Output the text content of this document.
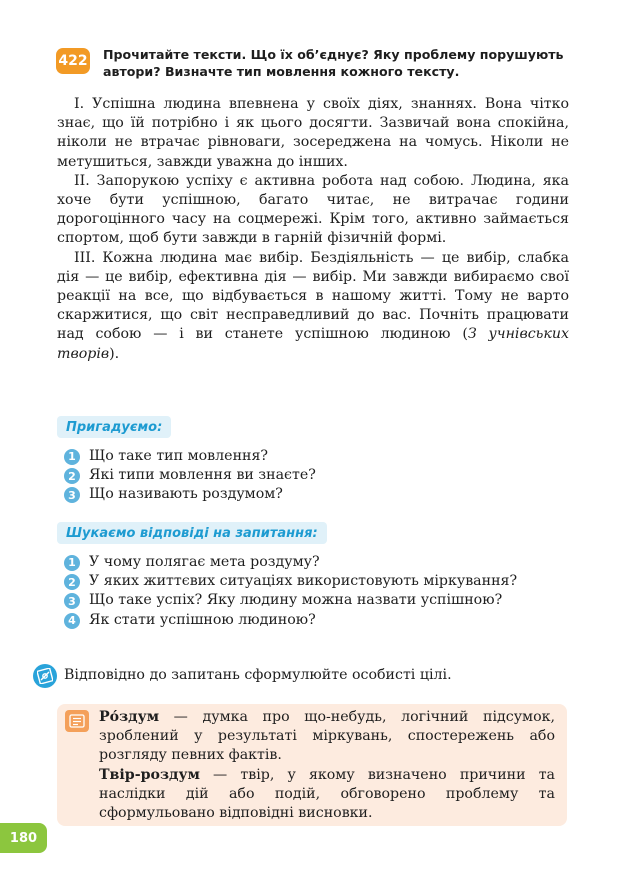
422 Прочитайте тексти. Що їх об’єднує? Яку проблему порушують
автори? Визначте тип мовлення кожного тексту.

І. Успішна людина впевнена у своїх діях, знаннях. Вона чітко знає, що їй потрібно і як цього досягти. Зазвичай вона спокійна, ніколи не втрачає рівноваги, зосереджена на чомусь. Ніколи не метушиться, завжди уважна до інших.

ІІ. Запорукою успіху є активна робота над собою. Людина, яка хоче бути успішною, багато читає, не витрачає години дорогоцінного часу на соцмережі. Крім того, активно займається спортом, щоб бути завжди в гарній фізичній формі.

ІІІ. Кожна людина має вибір. Бездіяльність — це вибір, слабка дія — це вибір, ефективна дія — вибір. Ми завжди вибираємо свої реакції на все, що відбувається в нашому житті. Тому не варто скаржитися, що світ несправедливий до вас. Почніть працювати над собою — і ви станете успішною людиною (З учнівських творів).

Пригадуємо:
1 Що таке тип мовлення?
2 Які типи мовлення ви знаєте?
3 Що називають роздумом?
Шукаємо відповіді на запитання:
1 У чому полягає мета роздуму?
2 У яких життєвих ситуаціях використовують міркування?
3 Що таке успіх? Яку людину можна назвати успішною?
4 Як стати успішною людиною?
Відповідно до запитань сформулюйте особисті цілі.

Ро́здум — думка про що-небудь, логічний підсумок, зроблений у результаті міркувань, спостережень або розгляду певних фактів.

Твір-роздум — твір, у якому визначено причини та наслідки дій або подій, обговорено проблему та сформульовано відповідні висновки.

180
